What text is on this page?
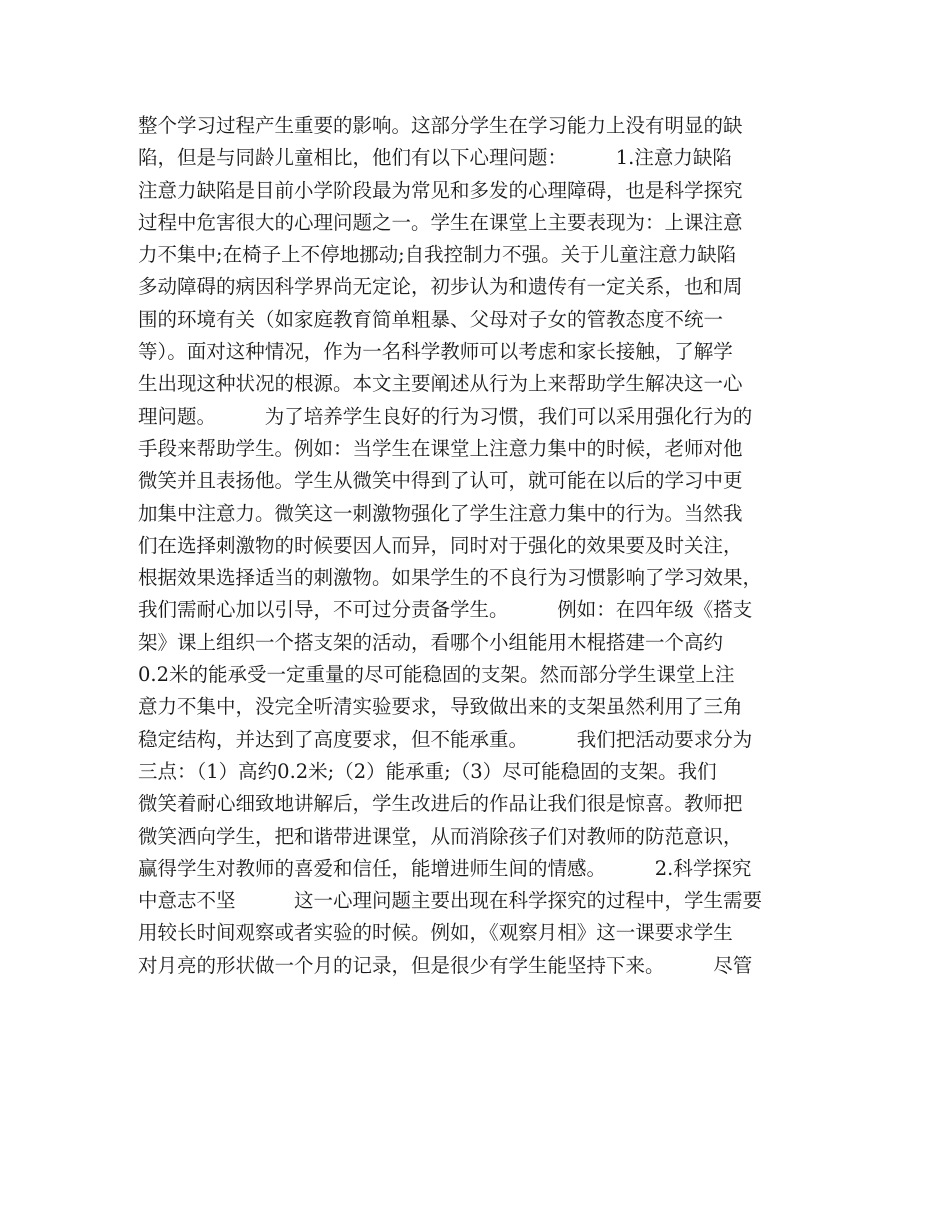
整个学习过程产生重要的影响。这部分学生在学习能力上没有明显的缺
陷，但是与同龄儿童相比，他们有以下心理问题：　　　1.注意力缺陷
注意力缺陷是目前小学阶段最为常见和多发的心理障碍，也是科学探究
过程中危害很大的心理问题之一。学生在课堂上主要表现为：上课注意
力不集中;在椅子上不停地挪动;自我控制力不强。关于儿童注意力缺陷
多动障碍的病因科学界尚无定论，初步认为和遗传有一定关系，也和周
围的环境有关（如家庭教育简单粗暴、父母对子女的管教态度不统一
等）。面对这种情况，作为一名科学教师可以考虑和家长接触，了解学
生出现这种状况的根源。本文主要阐述从行为上来帮助学生解决这一心
理问题。　　　为了培养学生良好的行为习惯，我们可以采用强化行为的
手段来帮助学生。例如：当学生在课堂上注意力集中的时候，老师对他
微笑并且表扬他。学生从微笑中得到了认可，就可能在以后的学习中更
加集中注意力。微笑这一刺激物强化了学生注意力集中的行为。当然我
们在选择刺激物的时候要因人而异，同时对于强化的效果要及时关注，
根据效果选择适当的刺激物。如果学生的不良行为习惯影响了学习效果，
我们需耐心加以引导，不可过分责备学生。　　　例如：在四年级《搭支
架》课上组织一个搭支架的活动，看哪个小组能用木棍搭建一个高约
0.2米的能承受一定重量的尽可能稳固的支架。然而部分学生课堂上注
意力不集中，没完全听清实验要求，导致做出来的支架虽然利用了三角
稳定结构，并达到了高度要求，但不能承重。　　　我们把活动要求分为
三点：（1）高约0.2米;（2）能承重;（3）尽可能稳固的支架。我们
微笑着耐心细致地讲解后，学生改进后的作品让我们很是惊喜。教师把
微笑洒向学生，把和谐带进课堂，从而消除孩子们对教师的防范意识，
赢得学生对教师的喜爱和信任，能增进师生间的情感。　　　2.科学探究
中意志不坚　　　这一心理问题主要出现在科学探究的过程中，学生需要
用较长时间观察或者实验的时候。例如，《观察月相》这一课要求学生
对月亮的形状做一个月的记录，但是很少有学生能坚持下来。　　　尽管
